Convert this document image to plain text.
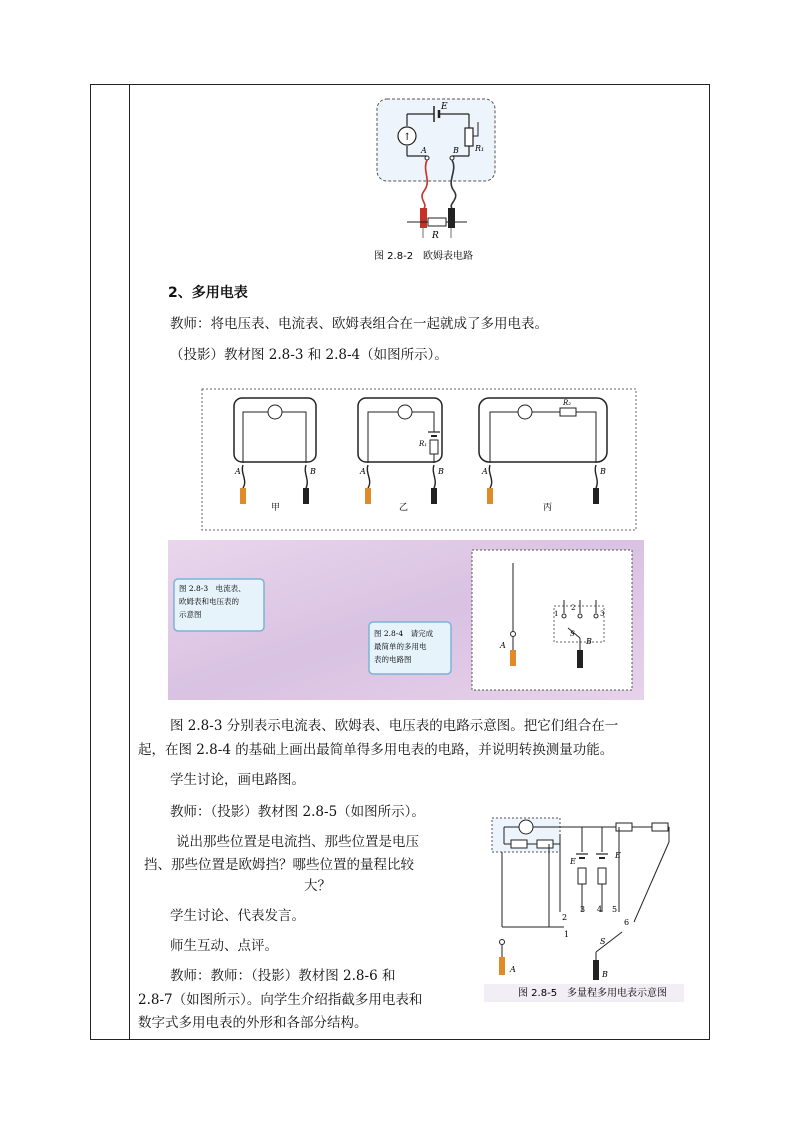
↑
E
A	B R₁
R
图 2.8-2　欧姆表电路
2、多用电表
教师：将电压表、电流表、欧姆表组合在一起就成了多用电表。
（投影）教材图 2.8-3 和 2.8-4（如图所示）。
A	B	A	B	A	B
R₁
R₂
甲	乙	丙
图 2.8-3　电流表、
欧姆表和电压表的
示意图
图 2.8-4　请完成
最简单的多用电
表的电路图
1
2
3
S
A	B
图 2.8-3 分别表示电流表、欧姆表、电压表的电路示意图。把它们组合在一
起，在图 2.8-4 的基础上画出最简单得多用电表的电路，并说明转换测量功能。
学生讨论，画电路图。
教师：（投影）教材图 2.8-5（如图所示）。
说出那些位置是电流挡、那些位置是电压
挡、那些位置是欧姆挡？哪些位置的量程比较
大？
学生讨论、代表发言。
师生互动、点评。
教师：教师：（投影）教材图 2.8-6 和
2.8-7（如图所示）。向学生介绍指截多用电表和
数字式多用电表的外形和各部分结构。
A
B
S
E
E
1
2
3 4 5
6
图 2.8-5　多量程多用电表示意图
